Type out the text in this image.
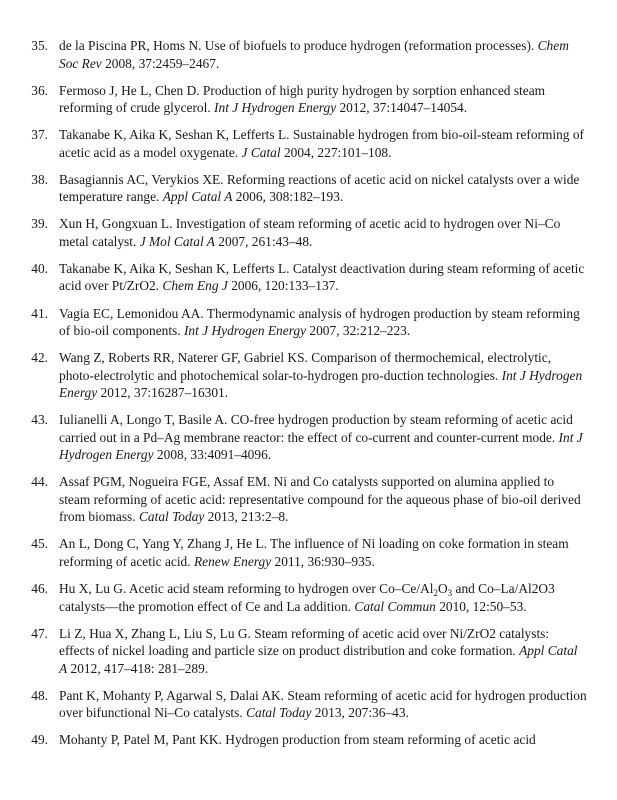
35. de la Piscina PR, Homs N. Use of biofuels to produce hydrogen (reformation processes). Chem Soc Rev 2008, 37:2459–2467.
36. Fermoso J, He L, Chen D. Production of high purity hydrogen by sorption enhanced steam reforming of crude glycerol. Int J Hydrogen Energy 2012, 37:14047–14054.
37. Takanabe K, Aika K, Seshan K, Lefferts L. Sustainable hydrogen from bio-oil-steam reforming of acetic acid as a model oxygenate. J Catal 2004, 227:101–108.
38. Basagiannis AC, Verykios XE. Reforming reactions of acetic acid on nickel catalysts over a wide temperature range. Appl Catal A 2006, 308:182–193.
39. Xun H, Gongxuan L. Investigation of steam reforming of acetic acid to hydrogen over Ni–Co metal catalyst. J Mol Catal A 2007, 261:43–48.
40. Takanabe K, Aika K, Seshan K, Lefferts L. Catalyst deactivation during steam reforming of acetic acid over Pt/ZrO2. Chem Eng J 2006, 120:133–137.
41. Vagia EC, Lemonidou AA. Thermodynamic analysis of hydrogen production by steam reforming of bio-oil components. Int J Hydrogen Energy 2007, 32:212–223.
42. Wang Z, Roberts RR, Naterer GF, Gabriel KS. Comparison of thermochemical, electrolytic, photo-electrolytic and photochemical solar-to-hydrogen pro-duction technologies. Int J Hydrogen Energy 2012, 37:16287–16301.
43. Iulianelli A, Longo T, Basile A. CO-free hydrogen production by steam reforming of acetic acid carried out in a Pd–Ag membrane reactor: the effect of co-current and counter-current mode. Int J Hydrogen Energy 2008, 33:4091–4096.
44. Assaf PGM, Nogueira FGE, Assaf EM. Ni and Co catalysts supported on alumina applied to steam reforming of acetic acid: representative compound for the aqueous phase of bio-oil derived from biomass. Catal Today 2013, 213:2–8.
45. An L, Dong C, Yang Y, Zhang J, He L. The influence of Ni loading on coke formation in steam reforming of acetic acid. Renew Energy 2011, 36:930–935.
46. Hu X, Lu G. Acetic acid steam reforming to hydrogen over $Co-Ce/Al_2O_3$ and Co–La/Al2O3 catalysts—the promotion effect of Ce and La addition. Catal Commun 2010, 12:50–53.
47. Li Z, Hua X, Zhang L, Liu S, Lu G. Steam reforming of acetic acid over Ni/ZrO2 catalysts: effects of nickel loading and particle size on product distribution and coke formation. Appl Catal A 2012, 417–418: 281–289.
48. Pant K, Mohanty P, Agarwal S, Dalai AK. Steam reforming of acetic acid for hydrogen production over bifunctional Ni–Co catalysts. Catal Today 2013, 207:36–43.
49. Mohanty P, Patel M, Pant KK. Hydrogen production from steam reforming of acetic acid
